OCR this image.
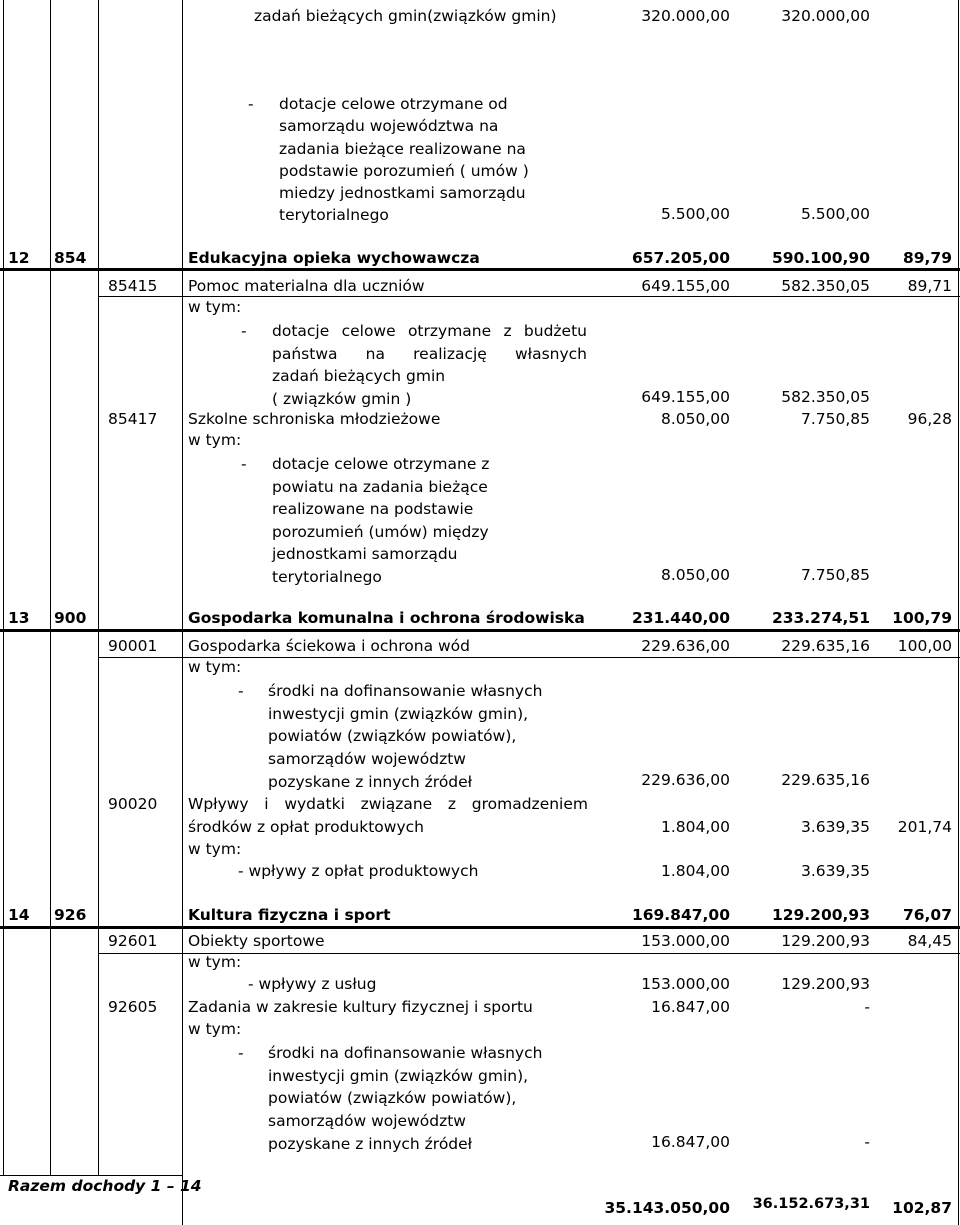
zadań bieżących gmin(związków gmin)	320.000,00	320.000,00
- dotacje celowe otrzymane od
samorządu województwa na
zadania bieżące realizowane na
podstawie porozumień ( umów )
miedzy jednostkami samorządu
terytorialnego	5.500,00	5.500,00
12 854	Edukacyjna opieka wychowawcza	657.205,00	590.100,90	89,79
85415 Pomoc materialna dla uczniów	649.155,00	582.350,05	89,71
w tym:
- dotacje celowe otrzymane z budżetu
państwa na realizację własnych
zadań bieżących gmin
( związków gmin )	649.155,00	582.350,05
85417 Szkolne schroniska młodzieżowe	8.050,00	7.750,85	96,28
w tym:
- dotacje celowe otrzymane z
powiatu na zadania bieżące
realizowane na podstawie
porozumień (umów) między
jednostkami samorządu
terytorialnego	8.050,00	7.750,85
13 900	Gospodarka komunalna i ochrona środowiska	231.440,00	233.274,51	100,79
90001 Gospodarka ściekowa i ochrona wód	229.636,00	229.635,16	100,00
w tym:
- środki na dofinansowanie własnych
inwestycji gmin (związków gmin),
powiatów (związków powiatów),
samorządów województw
pozyskane z innych źródeł	229.636,00	229.635,16
90020 Wpływy i wydatki związane z gromadzeniem
środków z opłat produktowych	1.804,00	3.639,35	201,74
w tym:
- wpływy z opłat produktowych	1.804,00	3.639,35
14 926	Kultura fizyczna i sport	169.847,00	129.200,93	76,07
92601 Obiekty sportowe	153.000,00	129.200,93	84,45
w tym:
- wpływy z usług	153.000,00	129.200,93
92605 Zadania w zakresie kultury fizycznej i sportu	16.847,00	-
w tym:
- środki na dofinansowanie własnych
inwestycji gmin (związków gmin),
powiatów (związków powiatów),
samorządów województw
pozyskane z innych źródeł	16.847,00	-
Razem dochody 1 – 14
35.143.050,00	36.152.673,31	102,87
